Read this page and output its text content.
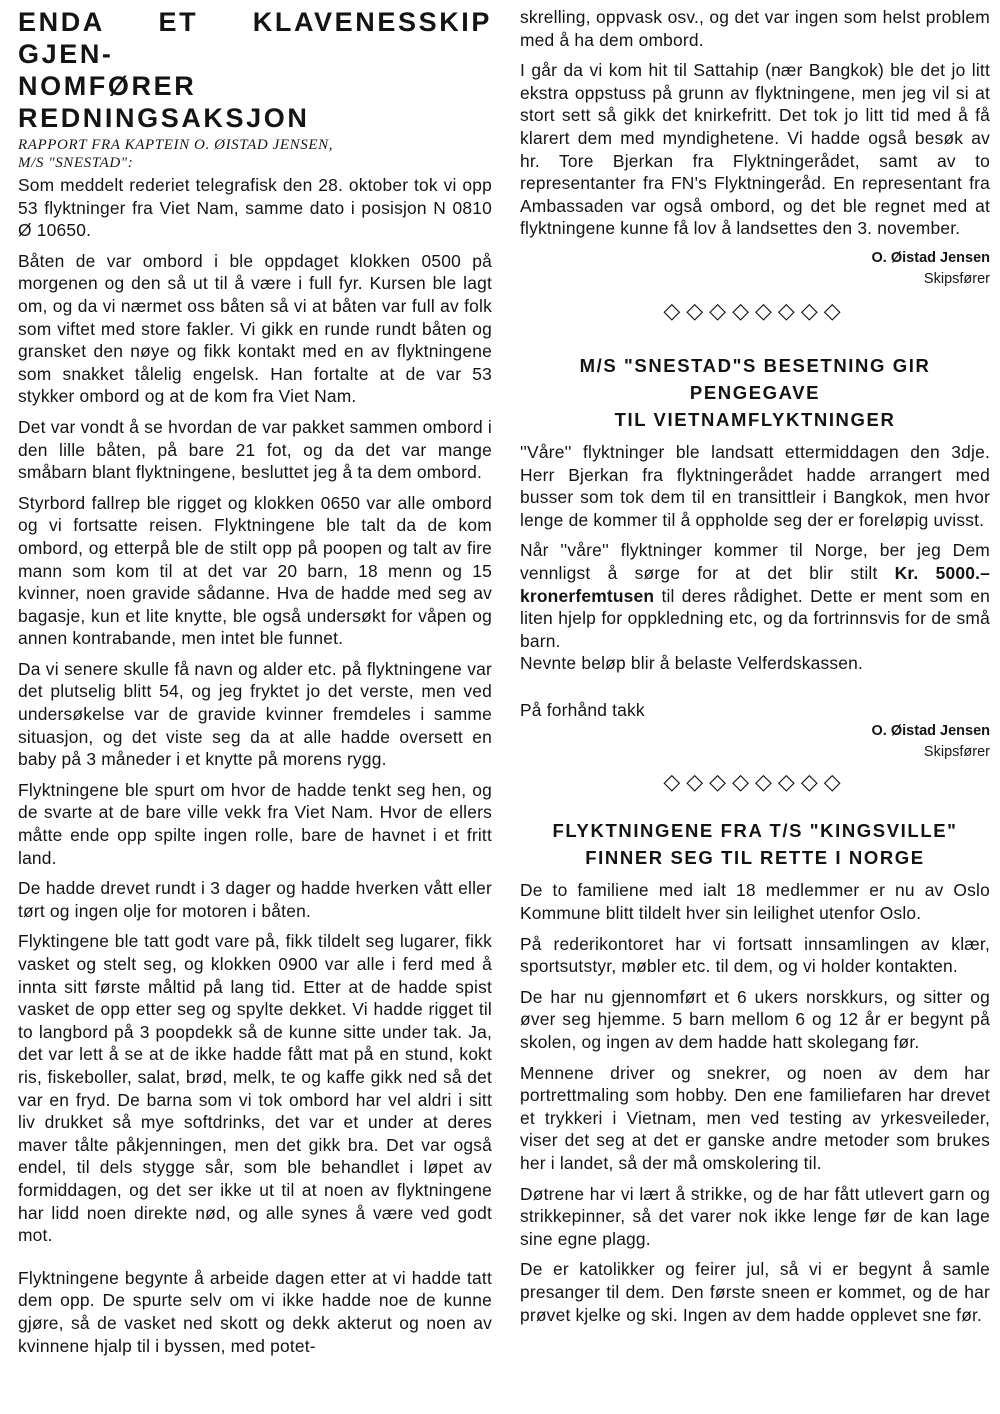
ENDA ET KLAVENESSKIP GJEN-
NOMFØRER REDNINGSAKSJON
RAPPORT FRA KAPTEIN O. ØISTAD JENSEN,
M/S "SNESTAD":

Som meddelt rederiet telegrafisk den 28. oktober tok vi opp 53 flyktninger fra Viet Nam, samme dato i posisjon N 0810 Ø 10650.

Båten de var ombord i ble oppdaget klokken 0500 på morgenen og den så ut til å være i full fyr. Kursen ble lagt om, og da vi nærmet oss båten så vi at båten var full av folk som viftet med store fakler. Vi gikk en runde rundt båten og gransket den nøye og fikk kontakt med en av flyktningene som snakket tålelig engelsk. Han fortalte at de var 53 stykker ombord og at de kom fra Viet Nam.

Det var vondt å se hvordan de var pakket sammen ombord i den lille båten, på bare 21 fot, og da det var mange småbarn blant flyktningene, besluttet jeg å ta dem ombord.

Styrbord fallrep ble rigget og klokken 0650 var alle ombord og vi fortsatte reisen. Flyktningene ble talt da de kom ombord, og etterpå ble de stilt opp på poopen og talt av fire mann som kom til at det var 20 barn, 18 menn og 15 kvinner, noen gravide sådanne. Hva de hadde med seg av bagasje, kun et lite knytte, ble også undersøkt for våpen og annen kontrabande, men intet ble funnet.

Da vi senere skulle få navn og alder etc. på flyktningene var det plutselig blitt 54, og jeg fryktet jo det verste, men ved undersøkelse var de gravide kvinner fremdeles i samme situasjon, og det viste seg da at alle hadde oversett en baby på 3 måneder i et knytte på morens rygg.

Flyktningene ble spurt om hvor de hadde tenkt seg hen, og de svarte at de bare ville vekk fra Viet Nam. Hvor de ellers måtte ende opp spilte ingen rolle, bare de havnet i et fritt land.

De hadde drevet rundt i 3 dager og hadde hverken vått eller tørt og ingen olje for motoren i båten.

Flyktingene ble tatt godt vare på, fikk tildelt seg lugarer, fikk vasket og stelt seg, og klokken 0900 var alle i ferd med å innta sitt første måltid på lang tid. Etter at de hadde spist vasket de opp etter seg og spylte dekket. Vi hadde rigget til to langbord på 3 poopdekk så de kunne sitte under tak. Ja, det var lett å se at de ikke hadde fått mat på en stund, kokt ris, fiskeboller, salat, brød, melk, te og kaffe gikk ned så det var en fryd. De barna som vi tok ombord har vel aldri i sitt liv drukket så mye softdrinks, det var et under at deres maver tålte påkjenningen, men det gikk bra. Det var også endel, til dels stygge sår, som ble behandlet i løpet av formiddagen, og det ser ikke ut til at noen av flyktningene har lidd noen direkte nød, og alle synes å være ved godt mot.

Flyktningene begynte å arbeide dagen etter at vi hadde tatt dem opp. De spurte selv om vi ikke hadde noe de kunne gjøre, så de vasket ned skott og dekk akterut og noen av kvinnene hjalp til i byssen, med potet-

skrelling, oppvask osv., og det var ingen som helst problem med å ha dem ombord.

I går da vi kom hit til Sattahip (nær Bangkok) ble det jo litt ekstra oppstuss på grunn av flyktningene, men jeg vil si at stort sett så gikk det knirkefritt. Det tok jo litt tid med å få klarert dem med myndighetene. Vi hadde også besøk av hr. Tore Bjerkan fra Flyktningerådet, samt av to representanter fra FN's Flyktningeråd. En representant fra Ambassaden var også ombord, og det ble regnet med at flyktningene kunne få lov å landsettes den 3. november.

O. Øistad Jensen
Skipsfører
◇◇◇◇◇◇◇◇
M/S "SNESTAD"S BESETNING GIR PENGEGAVE
TIL VIETNAMFLYKTNINGER

''Våre'' flyktninger ble landsatt ettermiddagen den 3dje. Herr Bjerkan fra flyktningerådet hadde arrangert med busser som tok dem til en transittleir i Bangkok, men hvor lenge de kommer til å oppholde seg der er foreløpig uvisst.

Når ''våre'' flyktninger kommer til Norge, ber jeg Dem vennligst å sørge for at det blir stilt Kr. 5000.– kronerfemtusen til deres rådighet. Dette er ment som en liten hjelp for oppkledning etc, og da fortrinnsvis for de små barn.

Nevnte beløp blir å belaste Velferdskassen.

På forhånd takk

O. Øistad Jensen
Skipsfører
◇◇◇◇◇◇◇◇
FLYKTNINGENE FRA T/S "KINGSVILLE"
FINNER SEG TIL RETTE I NORGE

De to familiene med ialt 18 medlemmer er nu av Oslo Kommune blitt tildelt hver sin leilighet utenfor Oslo.

På rederikontoret har vi fortsatt innsamlingen av klær, sportsutstyr, møbler etc. til dem, og vi holder kontakten.

De har nu gjennomført et 6 ukers norskkurs, og sitter og øver seg hjemme. 5 barn mellom 6 og 12 år er begynt på skolen, og ingen av dem hadde hatt skolegang før.

Mennene driver og snekrer, og noen av dem har portrettmaling som hobby. Den ene familiefaren har drevet et trykkeri i Vietnam, men ved testing av yrkesveileder, viser det seg at det er ganske andre metoder som brukes her i landet, så der må omskolering til.

Døtrene har vi lært å strikke, og de har fått utlevert garn og strikkepinner, så det varer nok ikke lenge før de kan lage sine egne plagg.

De er katolikker og feirer jul, så vi er begynt å samle presanger til dem. Den første sneen er kommet, og de har prøvet kjelke og ski. Ingen av dem hadde opplevet sne før.
